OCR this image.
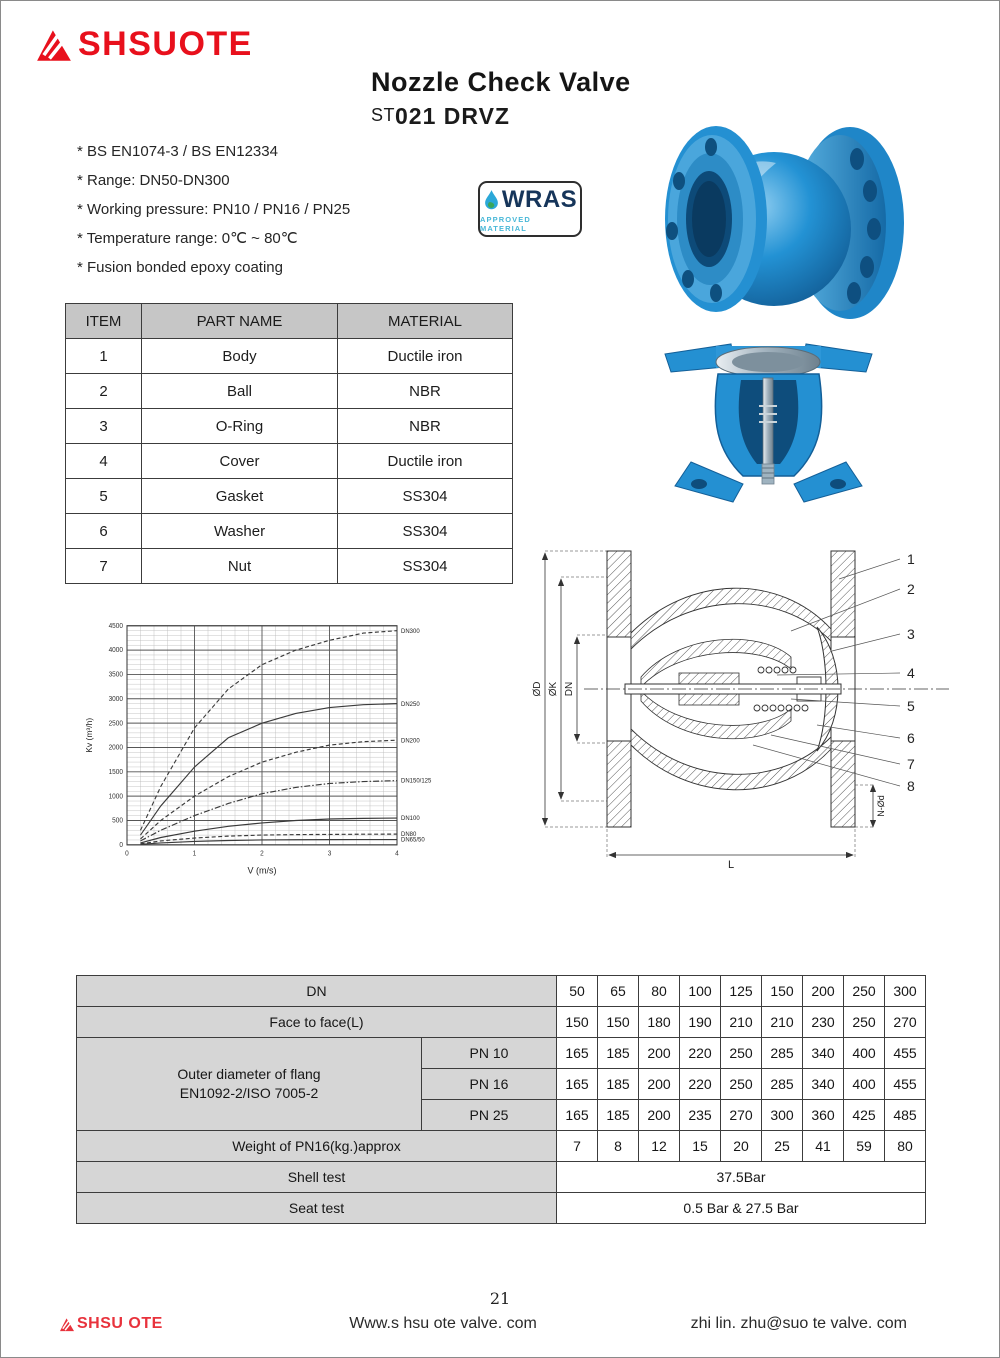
SHSUOTE
Nozzle Check Valve
ST021 DRVZ
* BS EN1074-3 / BS EN12334
* Range: DN50-DN300
* Working pressure: PN10 / PN16 / PN25
* Temperature range: 0℃ ~ 80℃
* Fusion bonded epoxy coating
WRAS
APPROVED MATERIAL
ITEM	PART NAME	MATERIAL
1	Body	Ductile iron
2	Ball	NBR
3	O-Ring	NBR
4	Cover	Ductile iron
5	Gasket	SS304
6	Washer	SS304
7	Nut	SS304
0
500
1000
1500
2000
2500
3000
3500
4000
4500
0	1	2	3	4
DN300
DN250
DN200
DN150/125
DN100
DN80
DN65/50
Kv (m³/h)
V (m/s)
ØD ØK DN
L
N-Ød
1
2
3
4
5
6
7
8
DN		50	65	80	100	125	150	200	250	300
Face to face(L)		150	150	180	190	210	210	230	250	270

Outer diameter of flang
EN1092-2/ISO 7005-2	PN 10	165	185	200	220	250	285	340	400	455
	PN 16	165	185	200	220	250	285	340	400	455
	PN 25	165	185	200	235	270	300	360	425	485
Weight of PN16(kg.)approx		7	8	12	15	20	25	41	59	80
Shell test		37.5Bar								
Seat test		0.5 Bar & 27.5 Bar								
21
SHSU OTE	Www.s hsu ote valve. com	zhi lin. zhu@suo te valve. com
